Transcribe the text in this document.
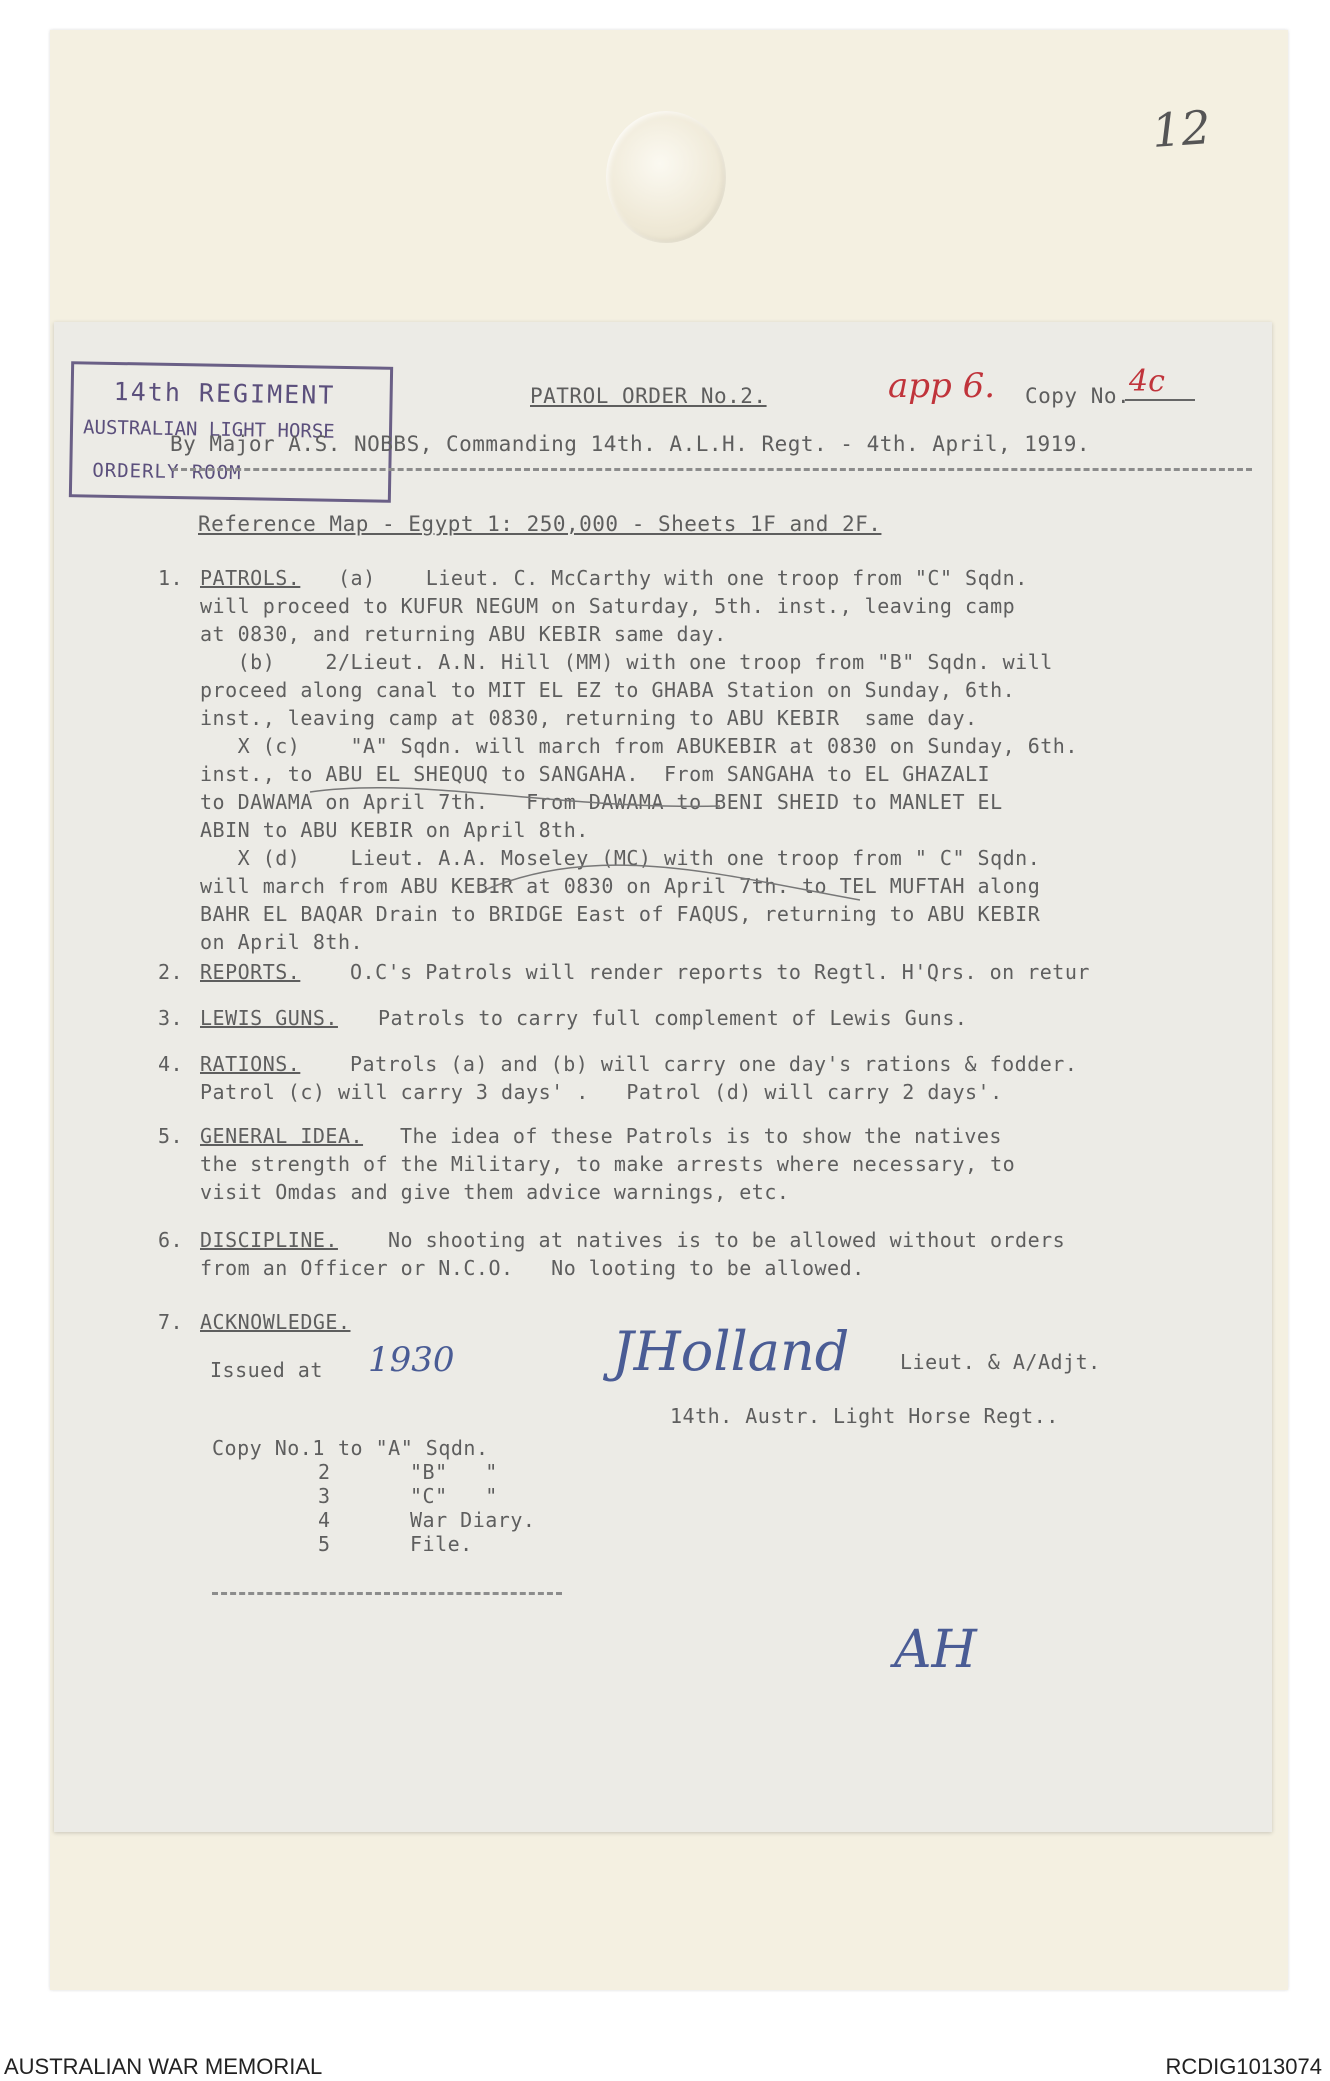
12
14th REGIMENT
AUSTRALIAN LIGHT HORSE
ORDERLY ROOM
PATROL ORDER No.2.	app 6. Copy No.
4c
By Major A.S. NOBBS, Commanding 14th. A.L.H. Regt. - 4th. April, 1919.
Reference Map - Egypt 1: 250,000 - Sheets 1F and 2F.
1. PATROLS. (a)    Lieut. C. McCarthy with one troop from "C" Sqdn.
will proceed to KUFUR NEGUM on Saturday, 5th. inst., leaving camp
at 0830, and returning ABU KEBIR same day.
(b)    2/Lieut. A.N. Hill (MM) with one troop from "B" Sqdn. will
proceed along canal to MIT EL EZ to GHABA Station on Sunday, 6th.
inst., leaving camp at 0830, returning to ABU KEBIR  same day.
X (c)    "A" Sqdn. will march from ABUKEBIR at 0830 on Sunday, 6th.
inst., to ABU EL SHEQUQ to SANGAHA.  From SANGAHA to EL GHAZALI
to DAWAMA on April 7th.   From DAWAMA to BENI SHEID to MANLET EL
ABIN to ABU KEBIR on April 8th.
X (d)    Lieut. A.A. Moseley (MC) with one troop from " C" Sqdn.
will march from ABU KEBIR at 0830 on April 7th. to TEL MUFTAH along
BAHR EL BAQAR Drain to BRIDGE East of FAQUS, returning to ABU KEBIR
on April 8th.
2. REPORTS. O.C's Patrols will render reports to Regtl. H'Qrs. on retur
3. LEWIS GUNS. Patrols to carry full complement of Lewis Guns.
4. RATIONS. Patrols (a) and (b) will carry one day's rations & fodder.
Patrol (c) will carry 3 days' .   Patrol (d) will carry 2 days'.
5. GENERAL IDEA. The idea of these Patrols is to show the natives
the strength of the Military, to make arrests where necessary, to
visit Omdas and give them advice warnings, etc.
6. DISCIPLINE.	No shooting at natives is to be allowed without orders
from an Officer or N.C.O.   No looting to be allowed.
7. ACKNOWLEDGE.
Issued at 1930	JHolland	Lieut. & A/Adjt.
14th. Austr. Light Horse Regt..
Copy No.1 to "A" Sqdn.
2	"B"   "
3	"C"   "
4	War Diary.
5	File.
AH
AUSTRALIAN WAR MEMORIAL	RCDIG1013074
